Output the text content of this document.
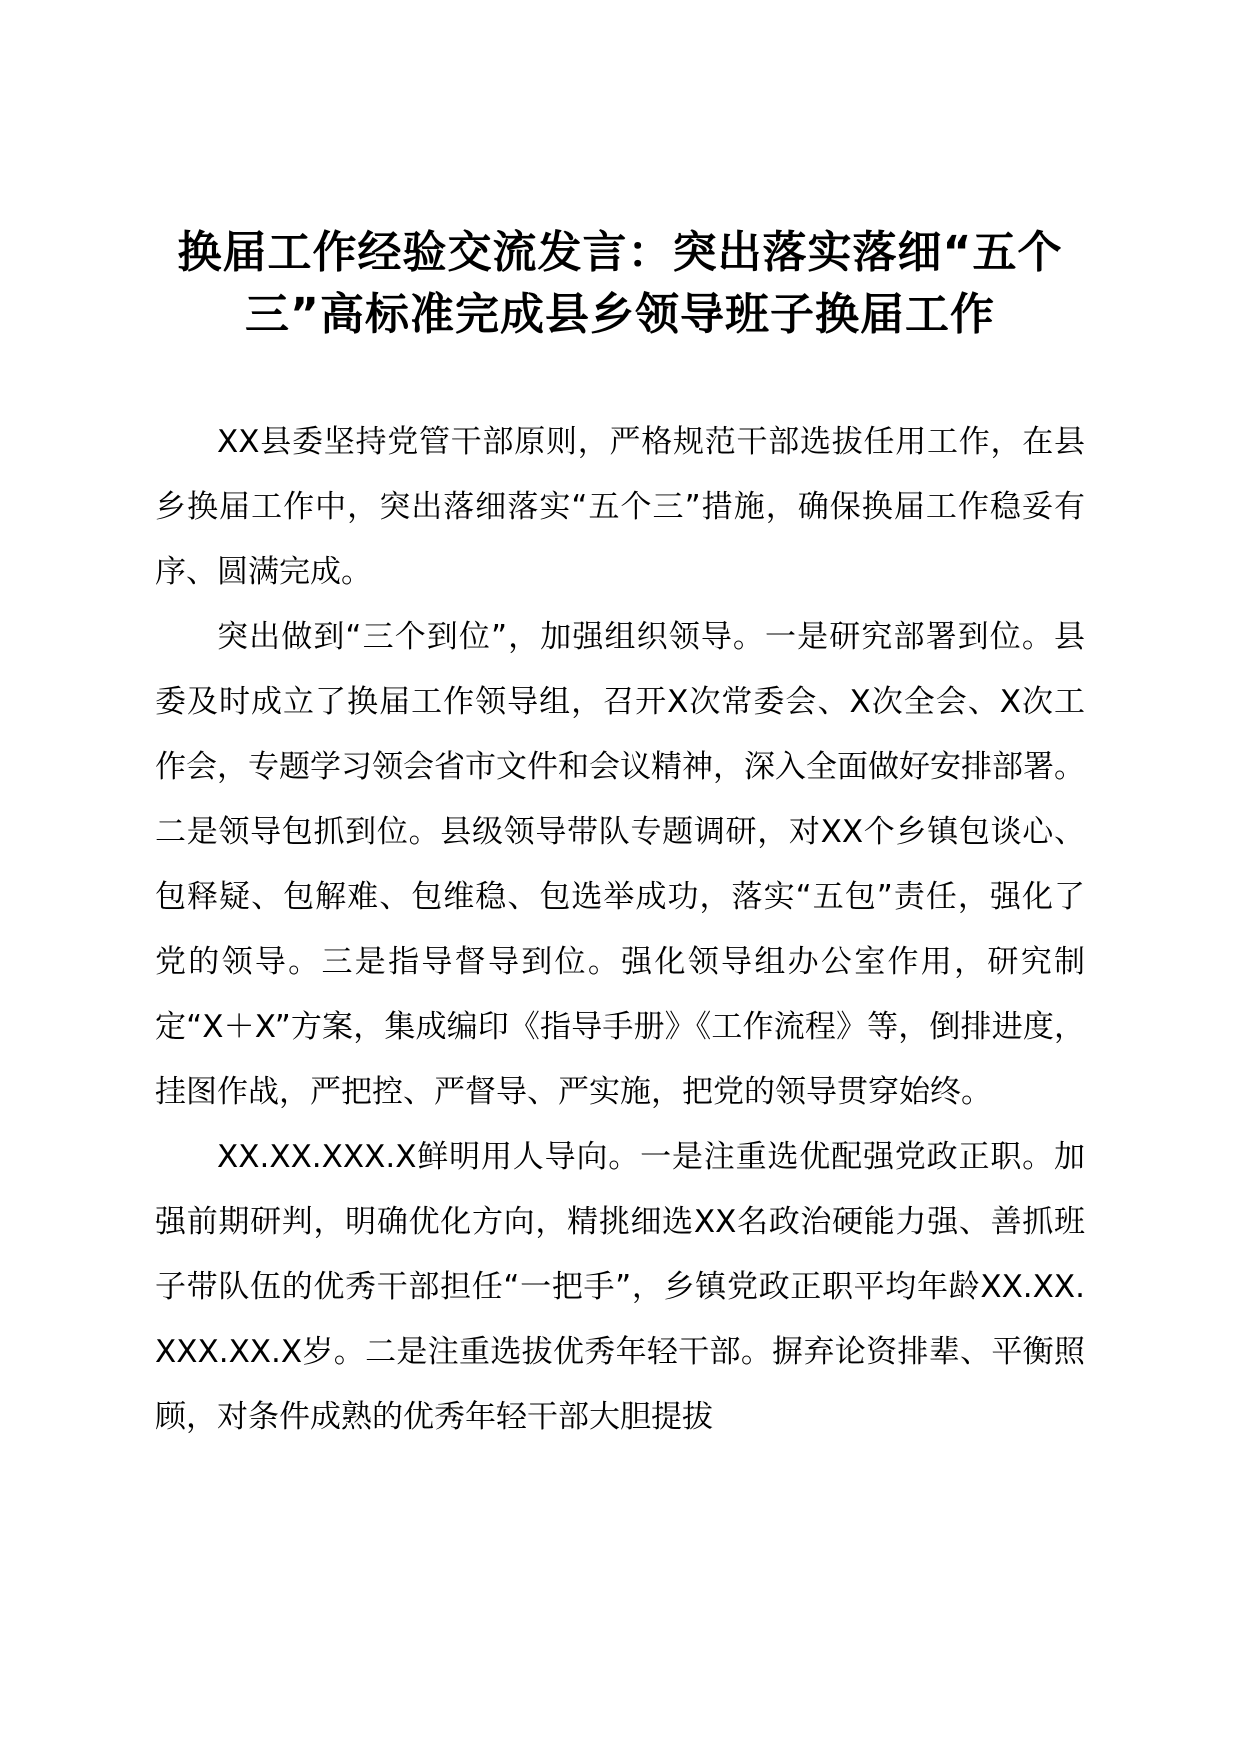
换届工作经验交流发言：突出落实落细“五个三”高标准完成县乡领导班子换届工作

XX县委坚持党管干部原则，严格规范干部选拔任用工作，在县乡换届工作中，突出落细落实“五个三”措施，确保换届工作稳妥有序、圆满完成。

突出做到“三个到位”，加强组织领导。一是研究部署到位。县委及时成立了换届工作领导组，召开X次常委会、X次全会、X次工作会，专题学习领会省市文件和会议精神，深入全面做好安排部署。二是领导包抓到位。县级领导带队专题调研，对XX个乡镇包谈心、包释疑、包解难、包维稳、包选举成功，落实“五包”责任，强化了党的领导。三是指导督导到位。强化领导组办公室作用，研究制定“X＋X”方案，集成编印《指导手册》《工作流程》等，倒排进度，挂图作战，严把控、严督导、严实施，把党的领导贯穿始终。

XX.XX.XXX.X鲜明用人导向。一是注重选优配强党政正职。加强前期研判，明确优化方向，精挑细选XX名政治硬能力强、善抓班子带队伍的优秀干部担任“一把手”，乡镇党政正职平均年龄XX.XX.XXX.XX.X岁。二是注重选拔优秀年轻干部。摒弃论资排辈、平衡照顾，对条件成熟的优秀年轻干部大胆提拔
